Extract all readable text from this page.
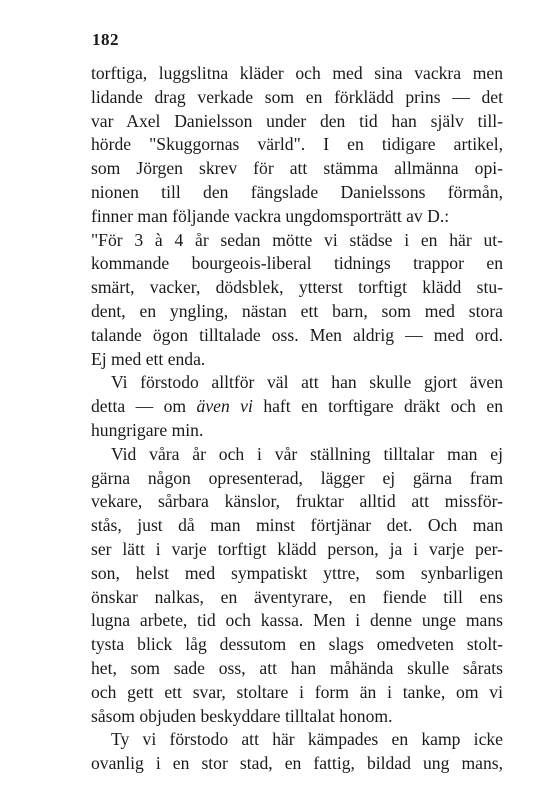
182
torftiga, luggslitna kläder och med sina vackra men
lidande drag verkade som en förklädd prins — det
var Axel Danielsson under den tid han själv till-
hörde "Skuggornas värld". I en tidigare artikel,
som Jörgen skrev för att stämma allmänna opi-
nionen till den fängslade Danielssons förmån,
finner man följande vackra ungdomsporträtt av D.:
"För 3 à 4 år sedan mötte vi städse i en här ut-
kommande bourgeois-liberal tidnings trappor en
smärt, vacker, dödsblek, ytterst torftigt klädd stu-
dent, en yngling, nästan ett barn, som med stora
talande ögon tilltalade oss. Men aldrig — med ord.
Ej med ett enda.
Vi förstodo alltför väl att han skulle gjort även
detta — om även vi haft en torftigare dräkt och en
hungrigare min.
Vid våra år och i vår ställning tilltalar man ej
gärna någon opresenterad, lägger ej gärna fram
vekare, sårbara känslor, fruktar alltid att missför-
stås, just då man minst förtjänar det. Och man
ser lätt i varje torftigt klädd person, ja i varje per-
son, helst med sympatiskt yttre, som synbarligen
önskar nalkas, en äventyrare, en fiende till ens
lugna arbete, tid och kassa. Men i denne unge mans
tysta blick låg dessutom en slags omedveten stolt-
het, som sade oss, att han måhända skulle sårats
och gett ett svar, stoltare i form än i tanke, om vi
såsom objuden beskyddare tilltalat honom.
Ty vi förstodo att här kämpades en kamp icke
ovanlig i en stor stad, en fattig, bildad ung mans,
